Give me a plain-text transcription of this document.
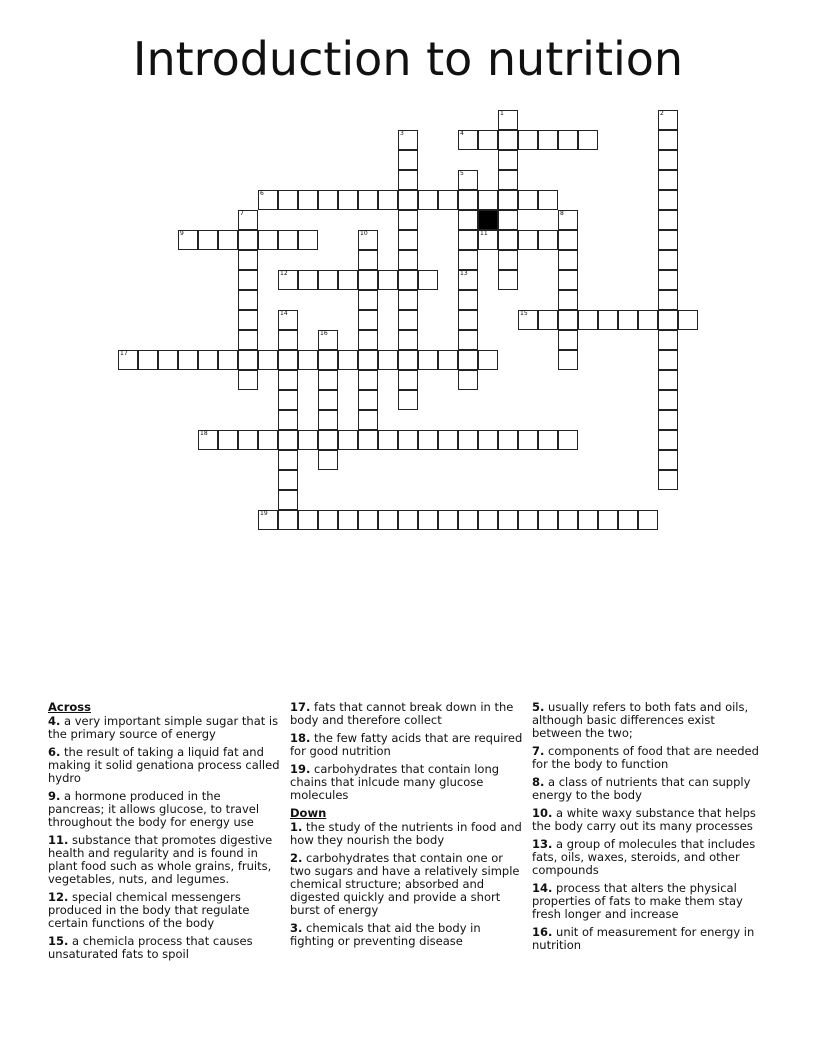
Introduction to nutrition
1	2
3	4
5
6
7	8
9	10	11
12	13
14	15
16
17
18
19
Across
4. a very important simple sugar that is the primary source of energy
6. the result of taking a liquid fat and making it solid genationa process called hydro
9. a hormone produced in the pancreas; it allows glucose, to travel throughout the body for energy use
11. substance that promotes digestive health and regularity and is found in plant food such as whole grains, fruits, vegetables, nuts, and legumes.
12. special chemical messengers produced in the body that regulate certain functions of the body
15. a chemicla process that causes unsaturated fats to spoil
17. fats that cannot break down in the body and therefore collect
18. the few fatty acids that are required for good nutrition
19. carbohydrates that contain long chains that inlcude many glucose molecules
Down
1. the study of the nutrients in food and how they nourish the body
2. carbohydrates that contain one or two sugars and have a relatively simple chemical structure; absorbed and digested quickly and provide a short burst of energy
3. chemicals that aid the body in fighting or preventing disease
5. usually refers to both fats and oils, although basic differences exist between the two;
7. components of food that are needed for the body to function
8. a class of nutrients that can supply energy to the body
10. a white waxy substance that helps the body carry out its many processes
13. a group of molecules that includes fats, oils, waxes, steroids, and other compounds
14. process that alters the physical properties of fats to make them stay fresh longer and increase
16. unit of measurement for energy in nutrition
